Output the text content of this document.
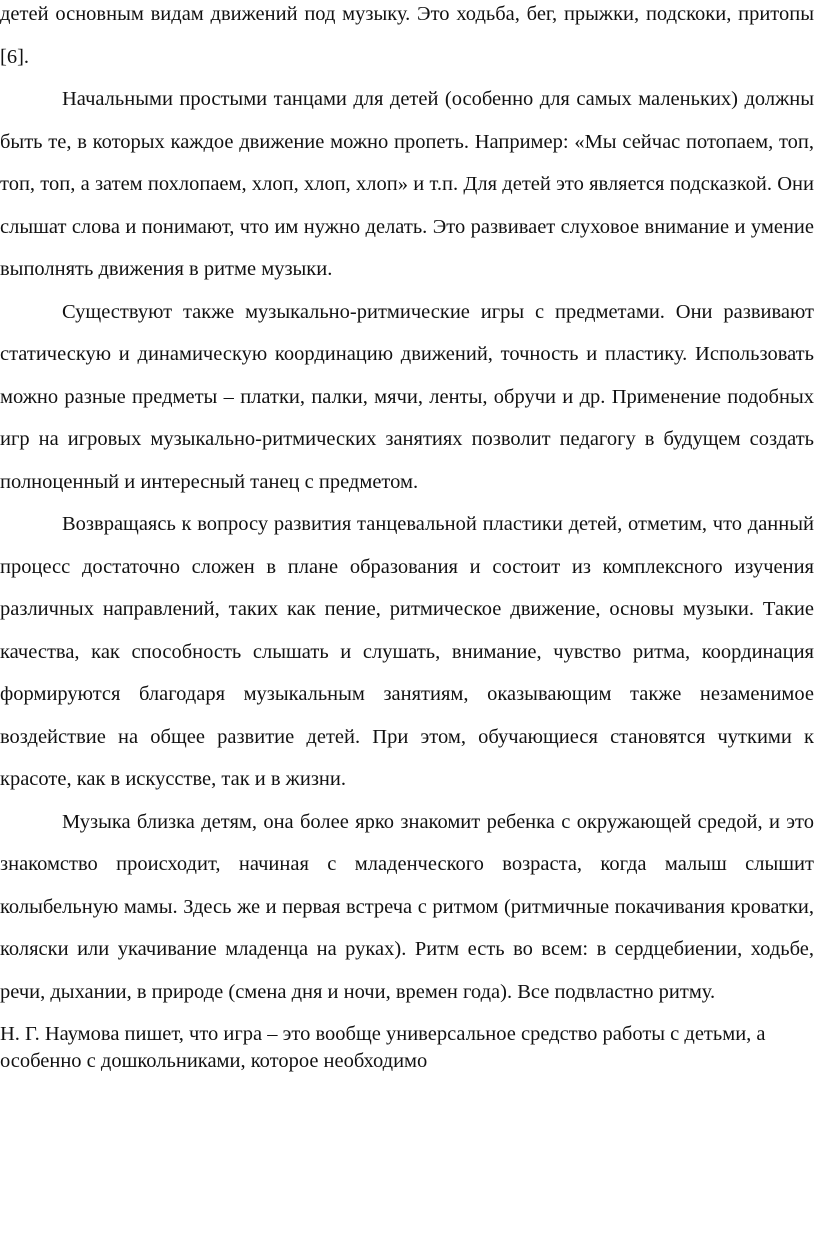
детей основным видам движений под музыку. Это ходьба, бег, прыжки, подскоки, притопы [6].

Начальными простыми танцами для детей (особенно для самых маленьких) должны быть те, в которых каждое движение можно пропеть. Например: «Мы сейчас потопаем, топ, топ, топ, а затем похлопаем, хлоп, хлоп, хлоп» и т.п. Для детей это является подсказкой. Они слышат слова и понимают, что им нужно делать. Это развивает слуховое внимание и умение выполнять движения в ритме музыки.

Существуют также музыкально-ритмические игры с предметами. Они развивают статическую и динамическую координацию движений, точность и пластику. Использовать можно разные предметы – платки, палки, мячи, ленты, обручи и др. Применение подобных игр на игровых музыкально-ритмических занятиях позволит педагогу в будущем создать полноценный и интересный танец с предметом.

Возвращаясь к вопросу развития танцевальной пластики детей, отметим, что данный процесс достаточно сложен в плане образования и состоит из комплексного изучения различных направлений, таких как пение, ритмическое движение, основы музыки. Такие качества, как способность слышать и слушать, внимание, чувство ритма, координация формируются благодаря музыкальным занятиям, оказывающим также незаменимое воздействие на общее развитие детей. При этом, обучающиеся становятся чуткими к красоте, как в искусстве, так и в жизни.

Музыка близка детям, она более ярко знакомит ребенка с окружающей средой, и это знакомство происходит, начиная с младенческого возраста, когда малыш слышит колыбельную мамы. Здесь же и первая встреча с ритмом (ритмичные покачивания кроватки, коляски или укачивание младенца на руках). Ритм есть во всем: в сердцебиении, ходьбе, речи, дыхании, в природе (смена дня и ночи, времен года). Все подвластно ритму.

Н. Г. Наумова пишет, что игра – это вообще универсальное средство работы с детьми, а особенно с дошкольниками, которое необходимо
